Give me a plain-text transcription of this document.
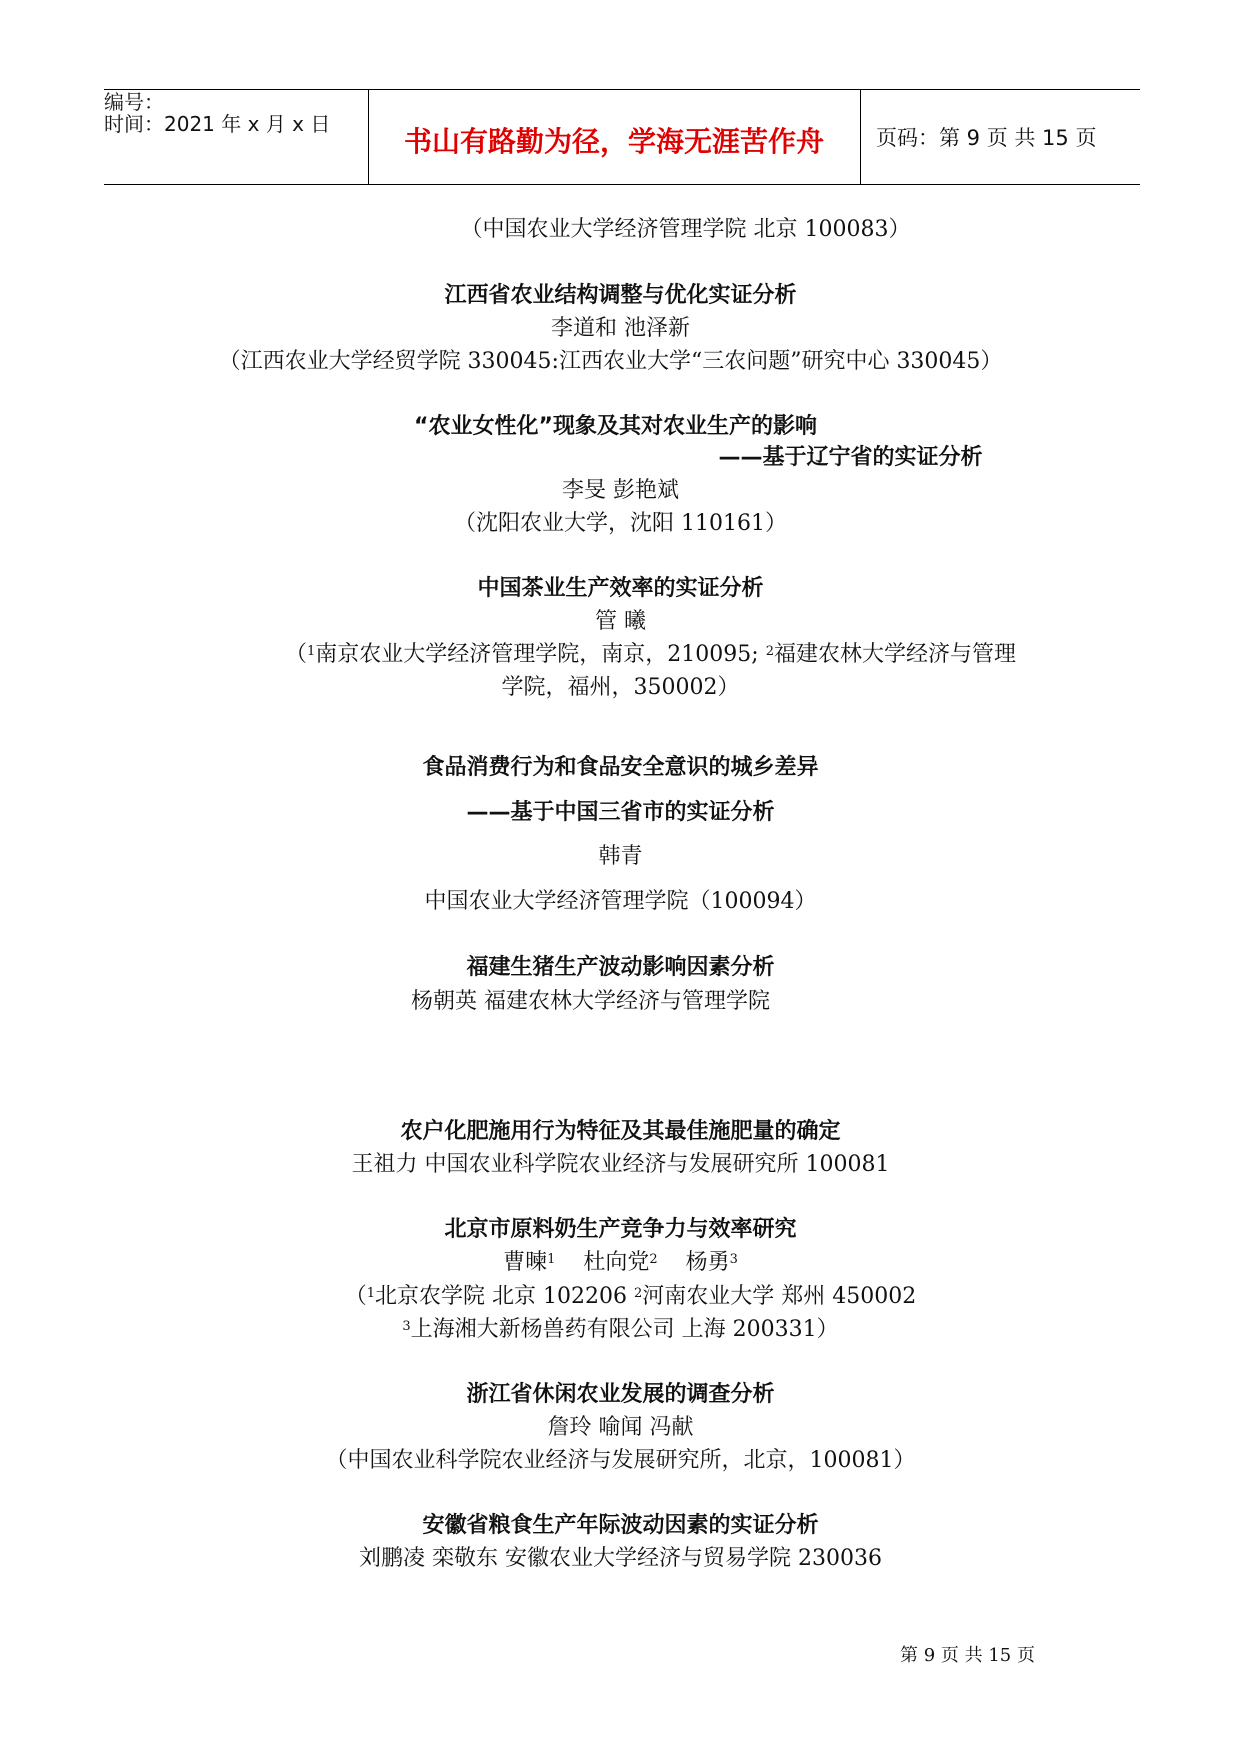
编号：
时间：2021 年 x 月 x 日
书山有路勤为径，学海无涯苦作舟	页码：第 9 页 共 15 页
（中国农业大学经济管理学院 北京 100083）
江西省农业结构调整与优化实证分析
李道和 池泽新
（江西农业大学经贸学院 330045:江西农业大学“三农问题”研究中心 330045）
“农业女性化”现象及其对农业生产的影响
——基于辽宁省的实证分析
李旻 彭艳斌
（沈阳农业大学，沈阳 110161）
中国茶业生产效率的实证分析
管 曦
（$^1$南京农业大学经济管理学院，南京，210095; $^2$福建农林大学经济与管理
学院，福州，350002）
食品消费行为和食品安全意识的城乡差异
——基于中国三省市的实证分析
韩青
中国农业大学经济管理学院（100094）
福建生猪生产波动影响因素分析
杨朝英 福建农林大学经济与管理学院
农户化肥施用行为特征及其最佳施肥量的确定
王祖力 中国农业科学院农业经济与发展研究所 100081
北京市原料奶生产竞争力与效率研究
曹暕$^1$ 杜向党$^2$ 杨勇$^3$
（$^1$北京农学院 北京 102206 $^2$河南农业大学 郑州 450002
$^3$上海湘大新杨兽药有限公司 上海 200331）
浙江省休闲农业发展的调查分析
詹玲 喻闻 冯献
（中国农业科学院农业经济与发展研究所，北京，100081）
安徽省粮食生产年际波动因素的实证分析
刘鹏凌 栾敬东 安徽农业大学经济与贸易学院 230036
第 9 页 共 15 页
